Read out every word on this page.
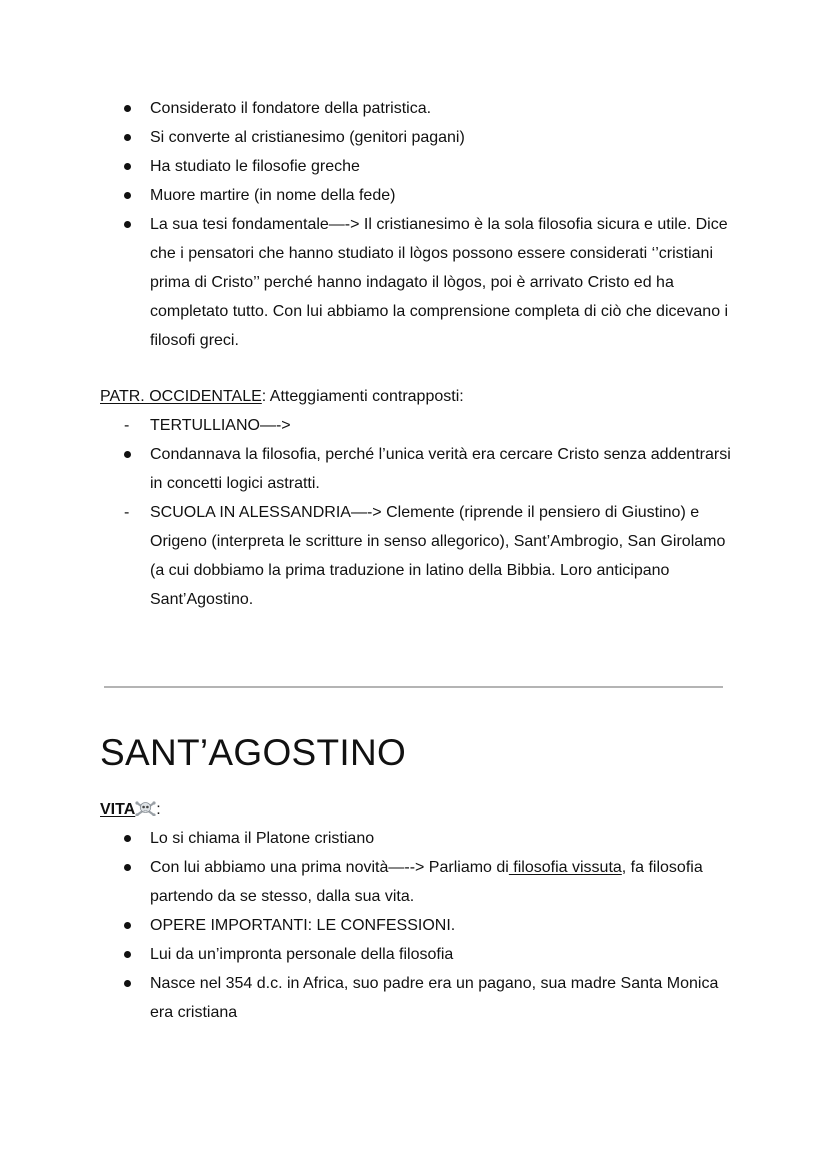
Considerato il fondatore della patristica.
Si converte al cristianesimo (genitori pagani)
Ha studiato le filosofie greche
Muore martire (in nome della fede)
La sua tesi fondamentale—-> Il cristianesimo è la sola filosofia sicura e utile. Dice che i pensatori che hanno studiato il lògos possono essere considerati ‘’cristiani prima di Cristo’’ perché hanno indagato il lògos, poi è arrivato Cristo ed ha completato tutto. Con lui abbiamo la comprensione completa di ciò che dicevano i filosofi greci.
PATR. OCCIDENTALE: Atteggiamenti contrapposti:
- TERTULLIANO—->
Condannava la filosofia, perché l’unica verità era cercare Cristo senza addentrarsi in concetti logici astratti.
- SCUOLA IN ALESSANDRIA—-> Clemente (riprende il pensiero di Giustino) e Origeno (interpreta le scritture in senso allegorico), Sant’Ambrogio, San Girolamo (a cui dobbiamo la prima traduzione in latino della Bibbia. Loro anticipano Sant’Agostino.
SANT’AGOSTINO
VITA :
Lo si chiama il Platone cristiano
Con lui abbiamo una prima novità—--> Parliamo di filosofia vissuta, fa filosofia partendo da se stesso, dalla sua vita.
OPERE IMPORTANTI: LE CONFESSIONI.
Lui da un’impronta personale della filosofia
Nasce nel 354 d.c. in Africa, suo padre era un pagano, sua madre Santa Monica era cristiana
